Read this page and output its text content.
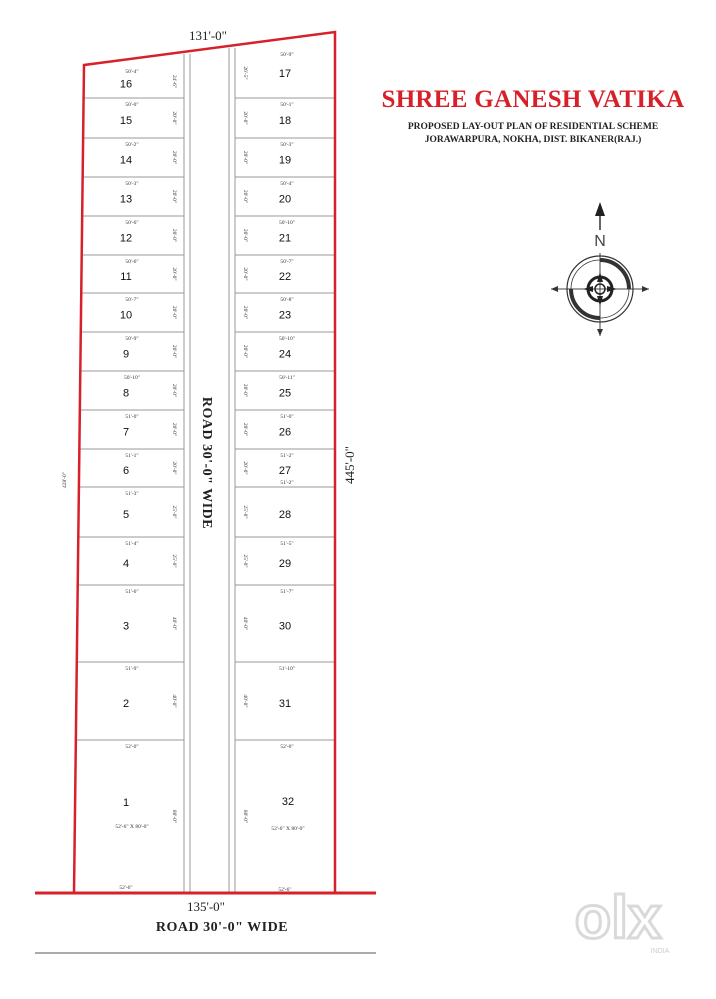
16
50'-4"
24'-6"
15
50'-0"
20'-0"
14
50'-2"
20'-0"
13
50'-3"
20'-0"
12
50'-6"
20'-0"
11
50'-6"
20'-0"
10
50'-7"
20'-0"
9
50'-9"
20'-0"
8
50'-10"
20'-0"
7
51'-0"
20'-0"
6
51'-1"
20'-0"
5
51'-3"
25'-0"
4
51'-4"
25'-0"
3
51'-6"
40'-0"
2
51'-9"
40'-0"
1
52'-6" X 80'-0"
52'-6"
52'-0"
80'-0"
17
50'-9"
26'-5"
18
50'-1"
20'-0"
19
50'-3"
20'-0"
20
50'-4"
20'-0"
21
50'-10"
20'-0"
22
50'-7"
20'-0"
23
50'-8"
20'-0"
24
50'-10"
20'-0"
25
50'-11"
20'-0"
26
51'-0"
20'-0"
27
51'-2"
51'-2"
20'-0"
28
25'-0"
29
51'-5"
25'-0"
30
51'-7"
40'-0"
31
51'-10"
40'-0"
32
52'-6" X 80'-0"
52'-6"
52'-0"
80'-0"
131'-0"
135'-0"
445'-0"
428'-0"	ROAD 30'-0" WIDE
ROAD 30'-0" WIDE
N
SHREE GANESH VATIKA
PROPOSED LAY-OUT PLAN OF RESIDENTIAL SCHEME
JORAWARPURA, NOKHA, DIST. BIKANER(RAJ.)
olx
INDIA
